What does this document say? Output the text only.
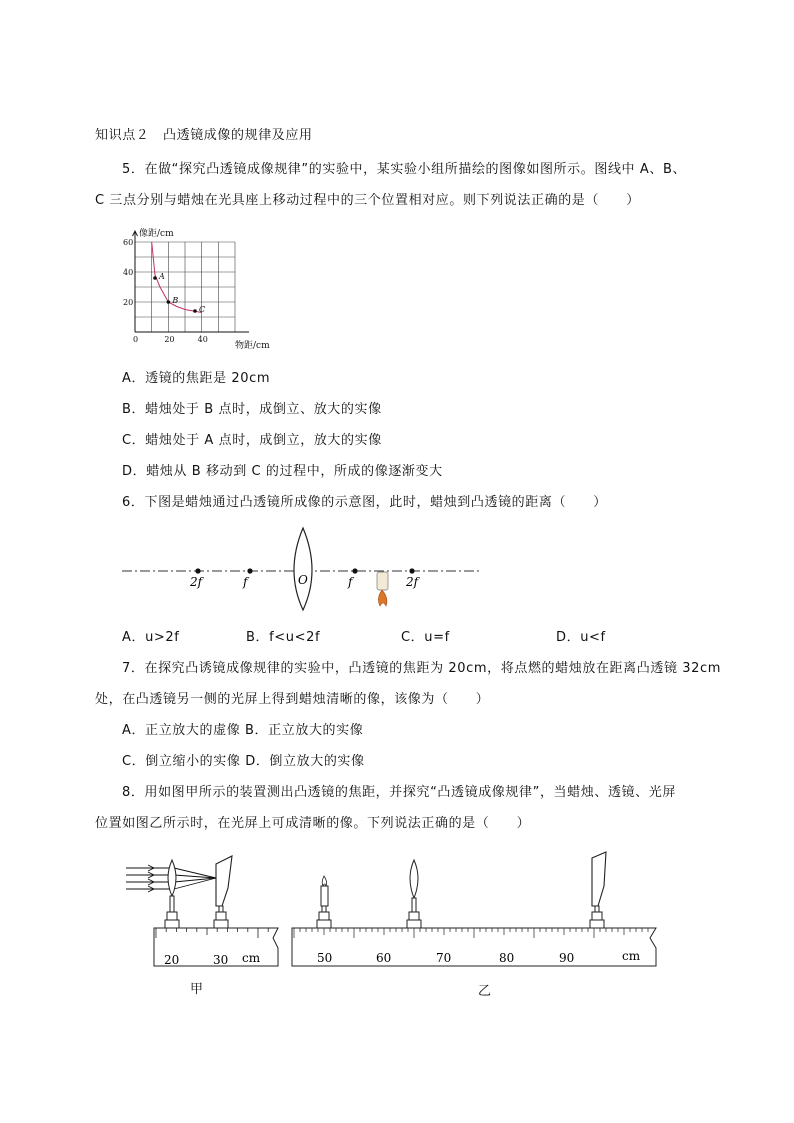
知识点２　凸透镜成像的规律及应用
5．在做“探究凸透镜成像规律”的实验中，某实验小组所描绘的图像如图所示。图线中 A、B、
C 三点分别与蜡烛在光具座上移动过程中的三个位置相对应。则下列说法正确的是（　　）
A
B
C
0	20	40
20
40
60
物距/cm
像距/cm
A．透镜的焦距是 20cm
B．蜡烛处于 B 点时，成倒立、放大的实像
C．蜡烛处于 A 点时，成倒立，放大的实像
D．蜡烛从 B 移动到 C 的过程中，所成的像逐渐变大
6．下图是蜡烛通过凸透镜所成像的示意图，此时，蜡烛到凸透镜的距离（　　）
2f	f	O	f	2f
A．u>2f	B．f<u<2f	C．u=f	D．u<f
7．在探究凸诱镜成像规律的实验中，凸透镜的焦距为 20cm，将点燃的蜡烛放在距离凸透镜 32cm
处，在凸透镜另一侧的光屏上得到蜡烛清晰的像，该像为（　　）
A．正立放大的虚像 B．正立放大的实像
C．倒立缩小的实像 D．倒立放大的实像
8．用如图甲所示的装置测出凸透镜的焦距，并探究“凸透镜成像规律”，当蜡烛、透镜、光屏
位置如图乙所示时，在光屏上可成清晰的像。下列说法正确的是（　　）
20	30 cm
甲
50	60	70	80	90	cm
乙
